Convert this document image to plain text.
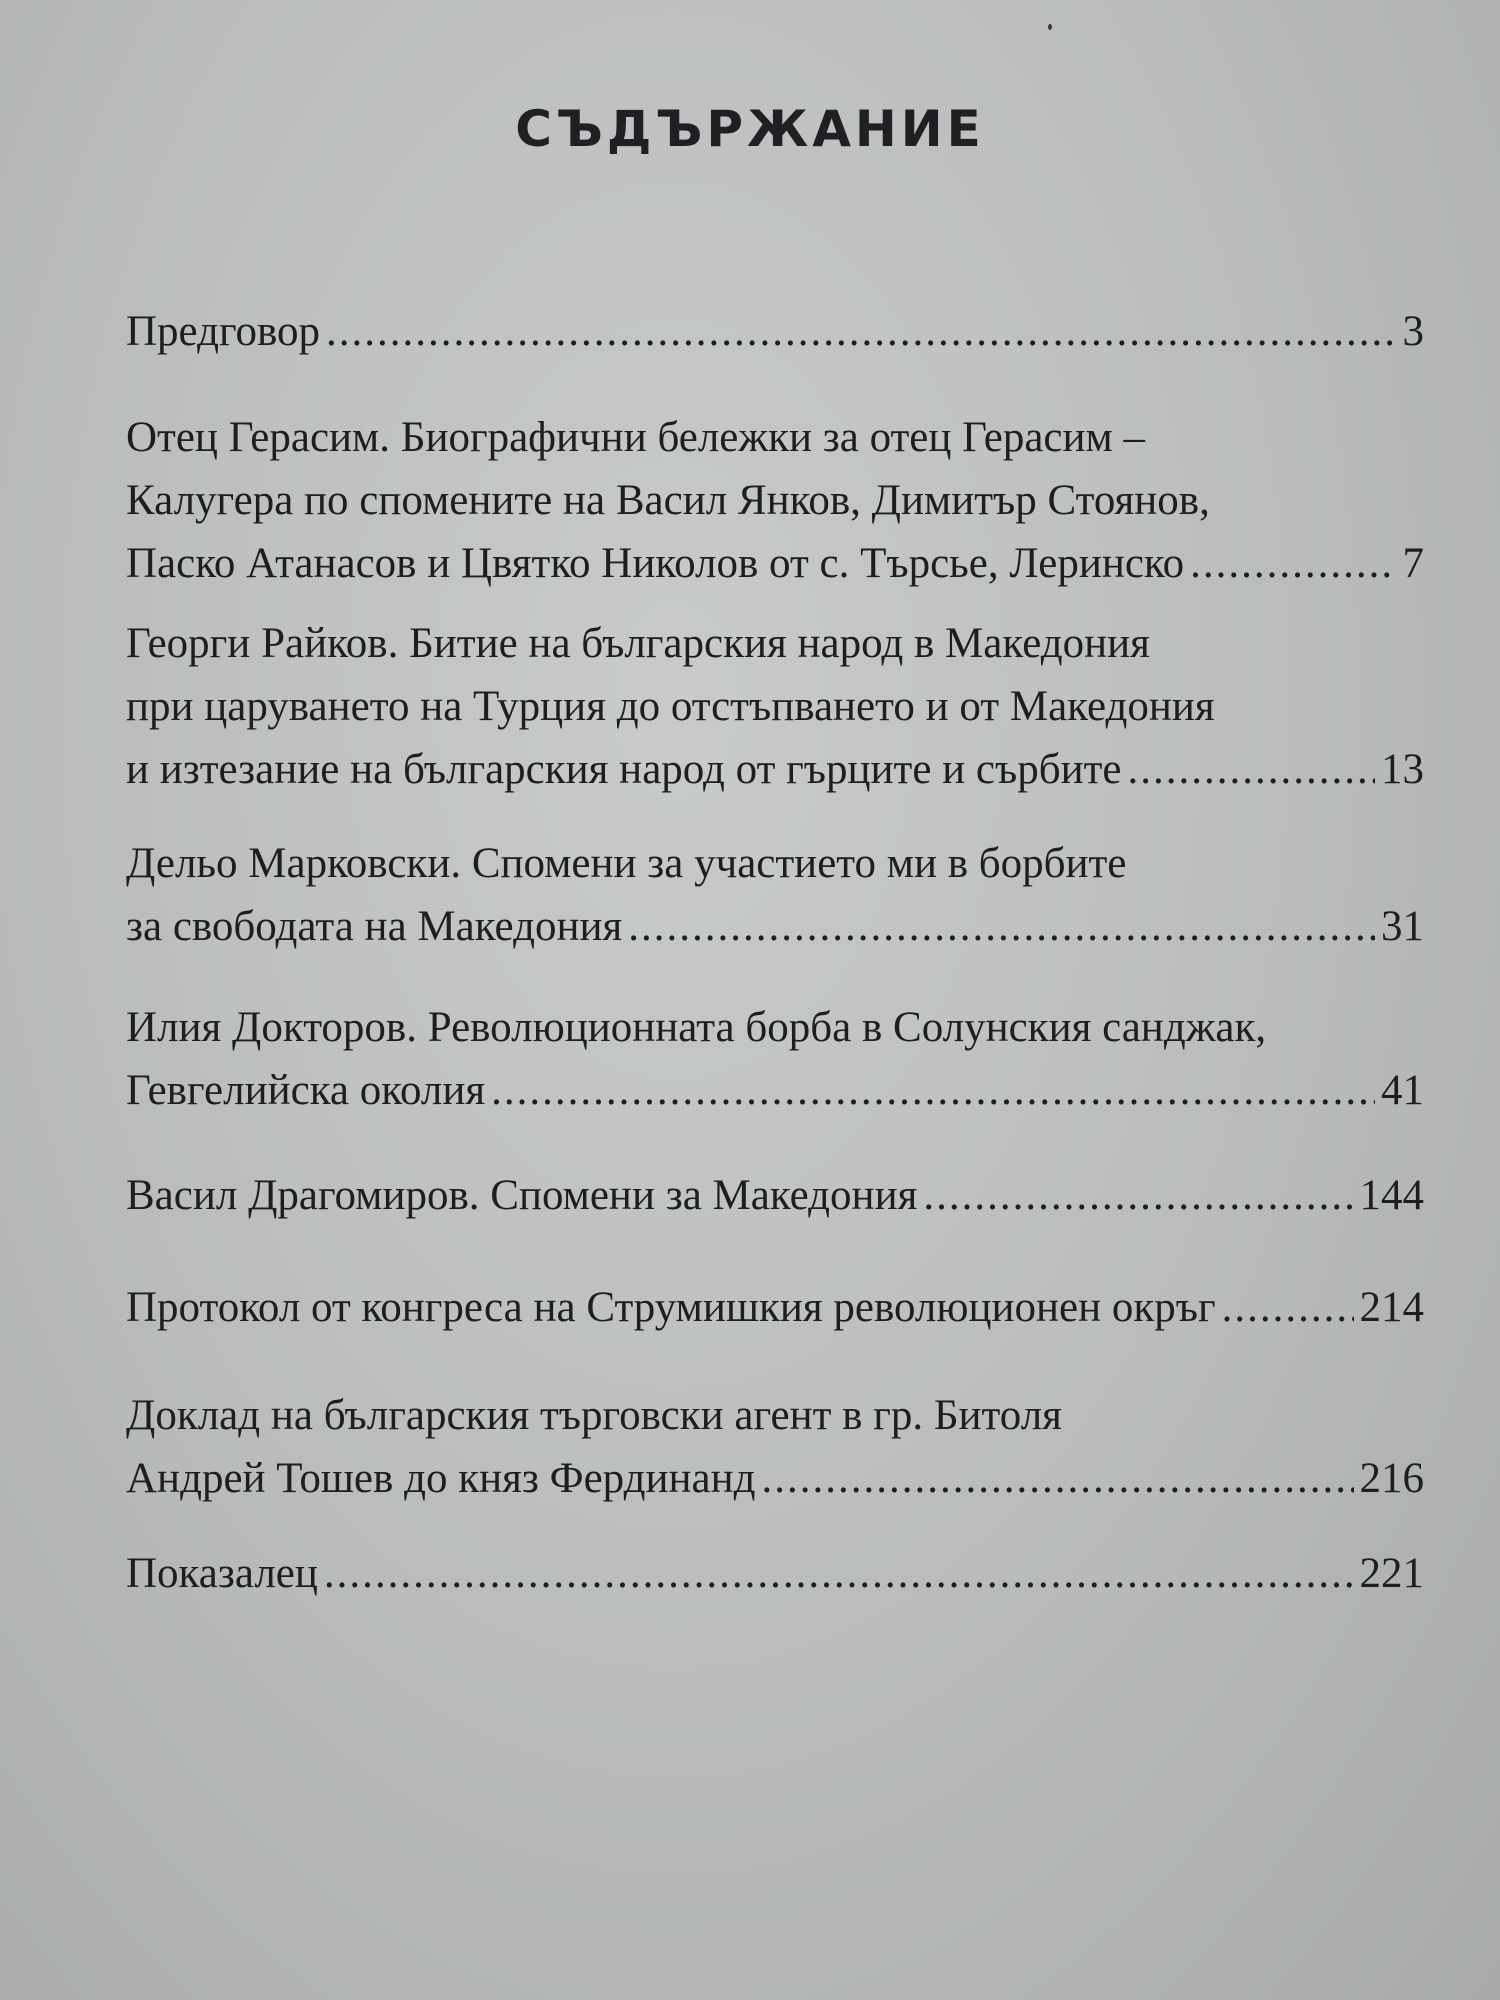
СЪДЪРЖАНИЕ
Предговор .....	3
Отец Герасим. Биографични бележки за отец Герасим –
Калугера по спомените на Васил Янков, Димитър Стоянов,
Паско Атанасов и Цвятко Николов от с. Търсье, Леринско .....	7
Георги Райков. Битие на българския народ в Македония
при царуването на Турция до отстъпването и от Македония
и изтезание на българския народ от гърците и сърбите .....	13
Дельо Марковски. Спомени за участието ми в борбите
за свободата на Македония .....	31
Илия Докторов. Революционната борба в Солунския санджак,
Гевгелийска околия .....	41
Васил Драгомиров. Спомени за Македония .....	144
Протокол от конгреса на Струмишкия революционен окръг .....	214
Доклад на българския търговски агент в гр. Битоля
Андрей Тошев до княз Фердинанд .....	216
Показалец .....	221
